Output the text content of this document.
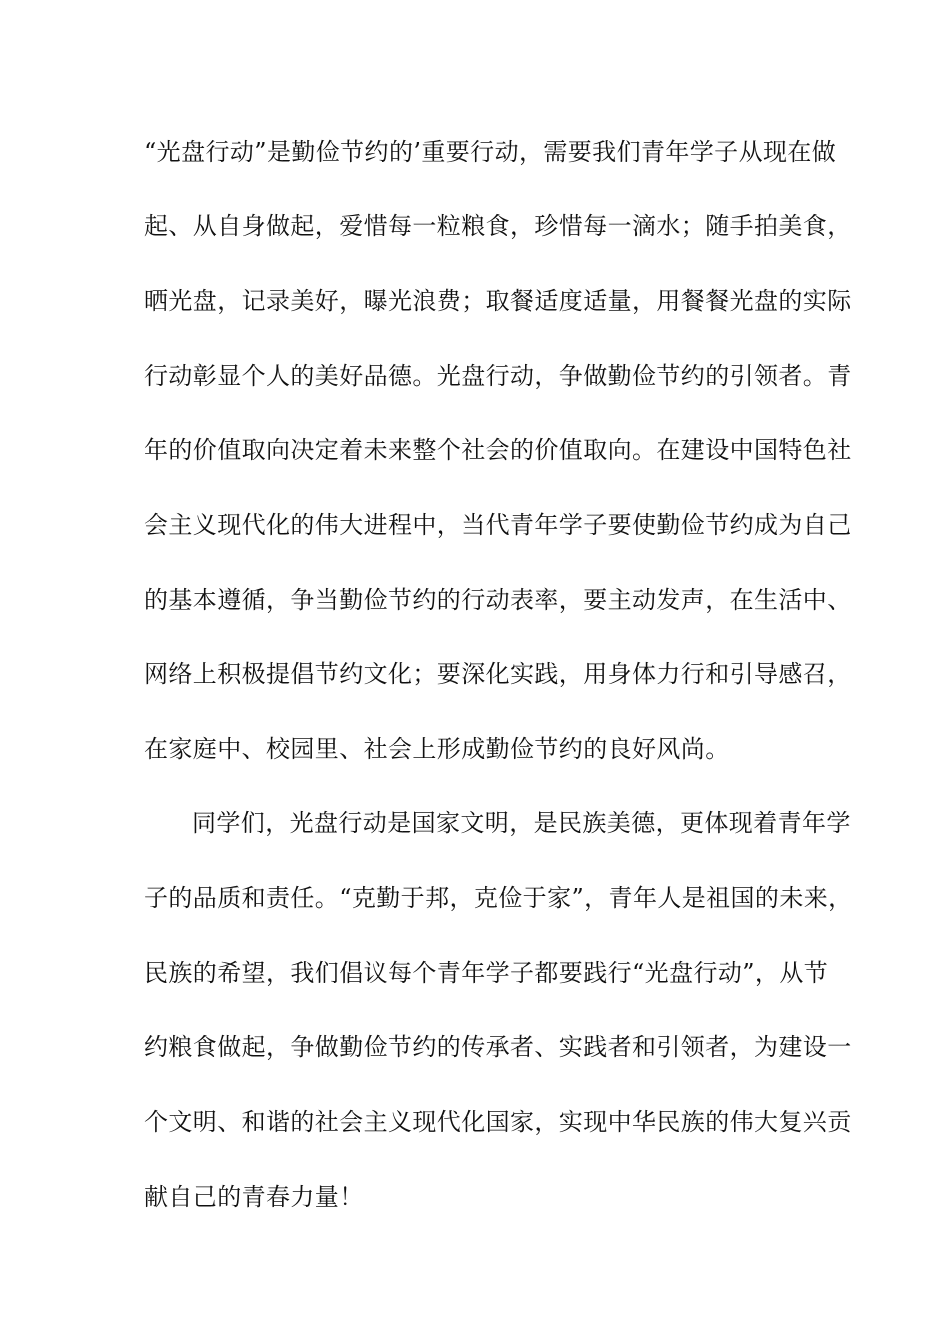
“光盘行动”是勤俭节约的’重要行动，需要我们青年学子从现在做
起、从自身做起，爱惜每一粒粮食，珍惜每一滴水；随手拍美食，
晒光盘，记录美好，曝光浪费；取餐适度适量，用餐餐光盘的实际
行动彰显个人的美好品德。光盘行动，争做勤俭节约的引领者。青
年的价值取向决定着未来整个社会的价值取向。在建设中国特色社
会主义现代化的伟大进程中，当代青年学子要使勤俭节约成为自己
的基本遵循，争当勤俭节约的行动表率，要主动发声，在生活中、
网络上积极提倡节约文化；要深化实践，用身体力行和引导感召，
在家庭中、校园里、社会上形成勤俭节约的良好风尚。
同学们，光盘行动是国家文明，是民族美德，更体现着青年学
子的品质和责任。“克勤于邦，克俭于家”，青年人是祖国的未来，
民族的希望，我们倡议每个青年学子都要践行“光盘行动”，从节
约粮食做起，争做勤俭节约的传承者、实践者和引领者，为建设一
个文明、和谐的社会主义现代化国家，实现中华民族的伟大复兴贡
献自己的青春力量！
